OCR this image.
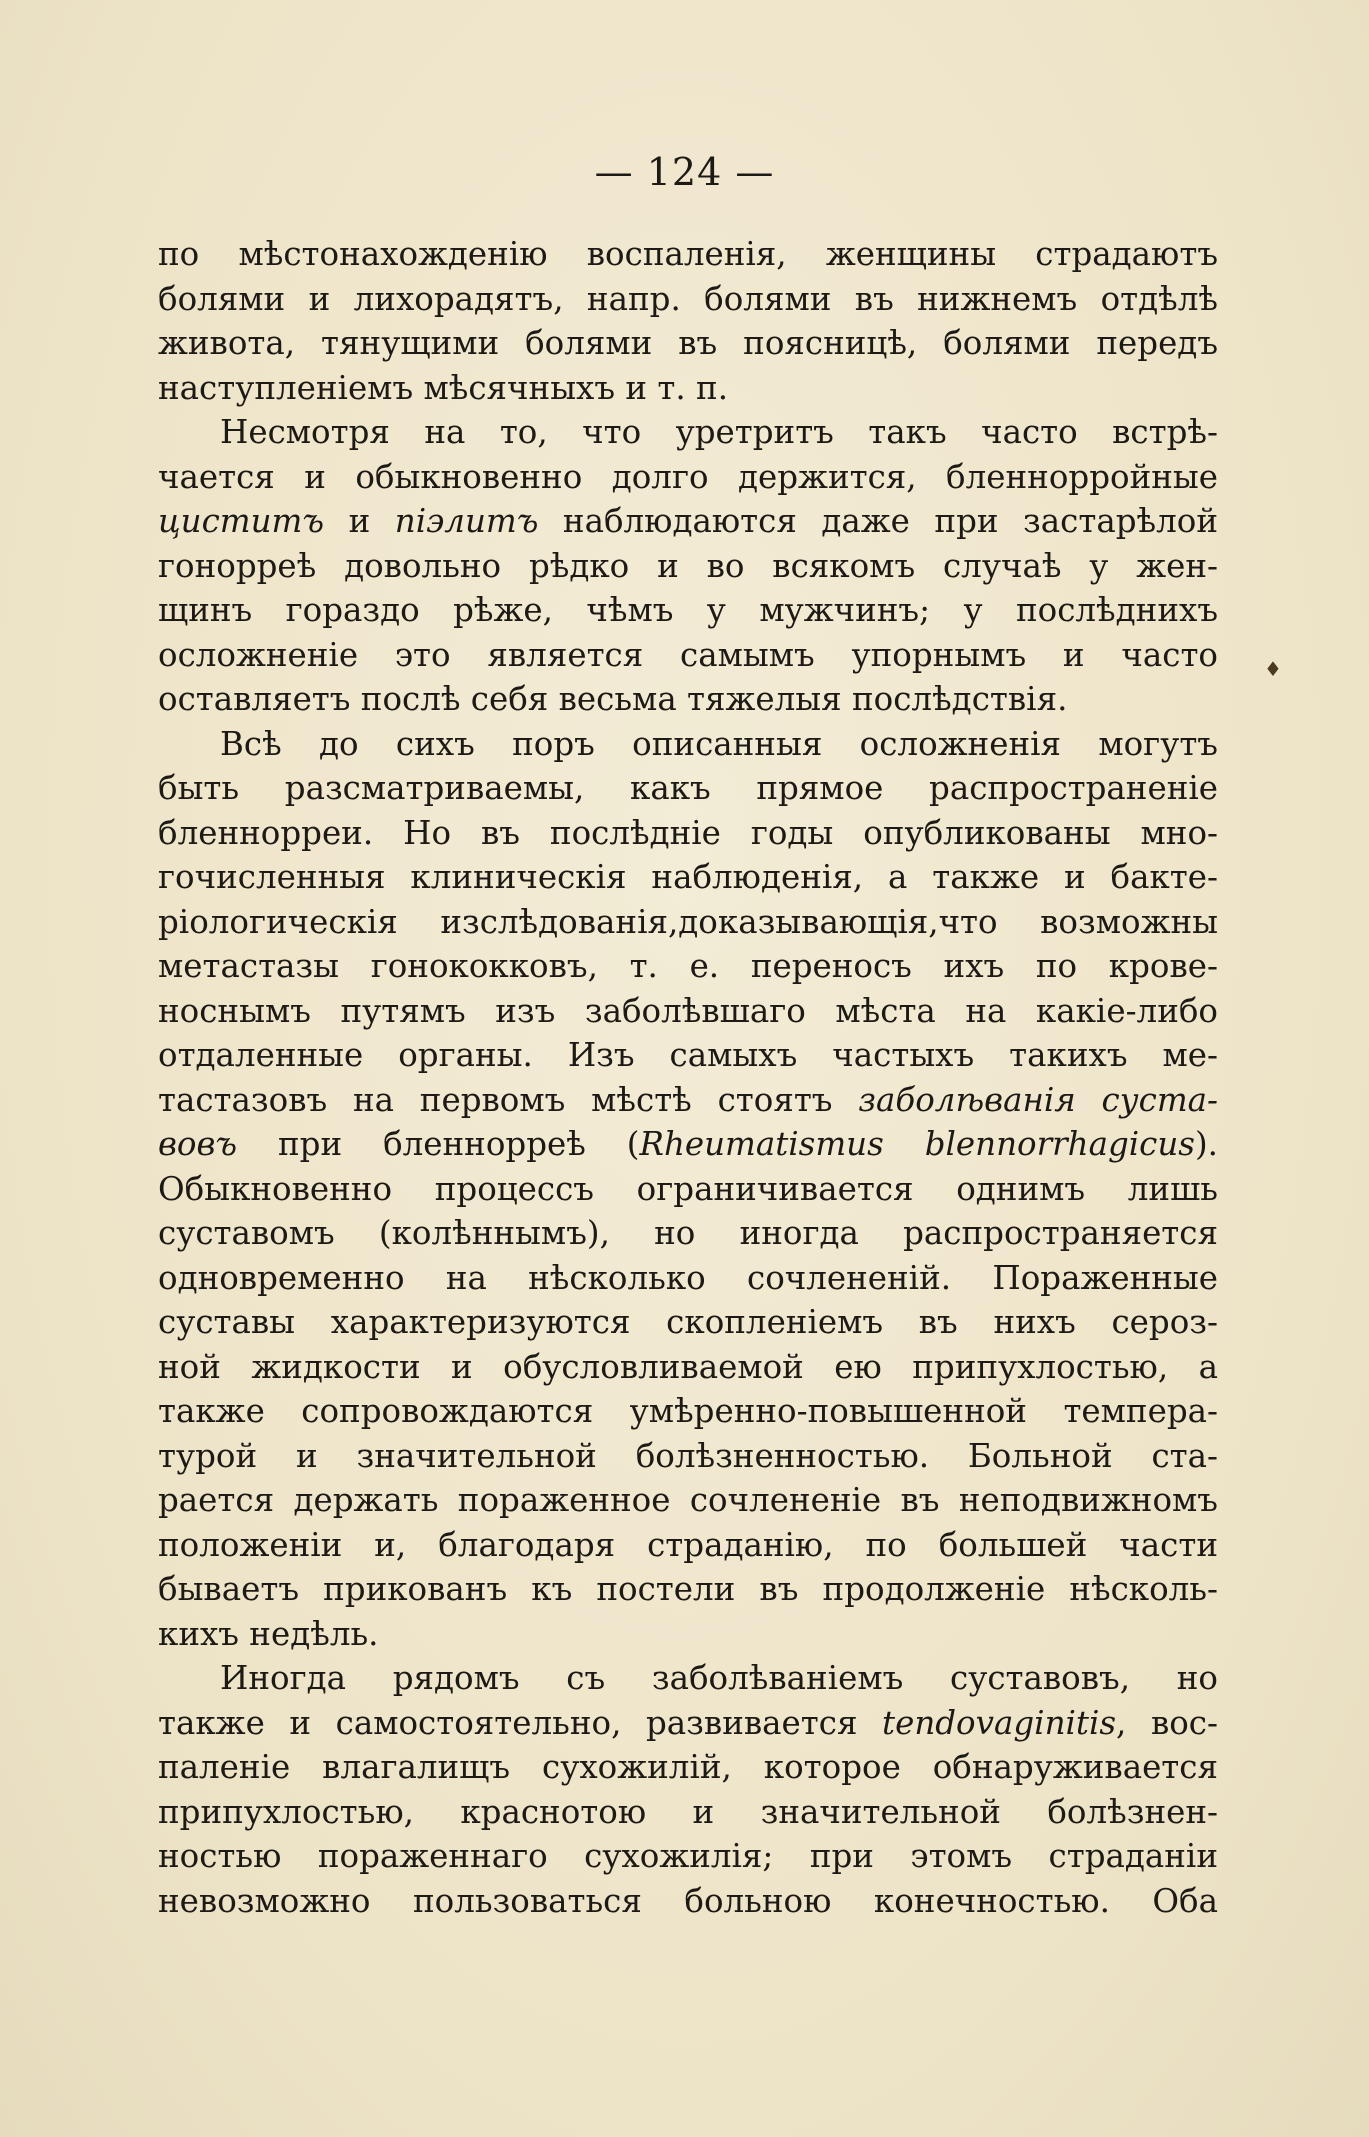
— 124 —
по мѣстонахожденію воспаленія, женщины страдаютъ
болями и лихорадятъ, напр. болями въ нижнемъ отдѣлѣ
живота, тянущими болями въ поясницѣ, болями передъ
наступленіемъ мѣсячныхъ и т. п.
Несмотря на то, что уретритъ такъ часто встрѣ-
чается и обыкновенно долго держится, бленнорройные
циститъ и піэлитъ наблюдаются даже при застарѣлой
гонорреѣ довольно рѣдко и во всякомъ случаѣ у жен-
щинъ гораздо рѣже, чѣмъ у мужчинъ; у послѣднихъ
осложненіе это является самымъ упорнымъ и часто
оставляетъ послѣ себя весьма тяжелыя послѣдствія.
Всѣ до сихъ поръ описанныя осложненія могутъ
быть разсматриваемы, какъ прямое распространеніе
бленнорреи. Но въ послѣдніе годы опубликованы мно-
гочисленныя клиническія наблюденія, а также и бакте-
ріологическія изслѣдованія,доказывающія,что возможны
метастазы гонококковъ, т. е. переносъ ихъ по крове-
носнымъ путямъ изъ заболѣвшаго мѣста на какіе-либо
отдаленные органы. Изъ самыхъ частыхъ такихъ ме-
тастазовъ на первомъ мѣстѣ стоятъ заболѣванія суста-
вовъ при бленнорреѣ (Rheumatismus blennorrhagicus).
Обыкновенно процессъ ограничивается однимъ лишь
суставомъ (колѣннымъ), но иногда распространяется
одновременно на нѣсколько сочлененій. Пораженные
суставы характеризуются скопленіемъ въ нихъ сероз-
ной жидкости и обусловливаемой ею припухлостью, а
также сопровождаются умѣренно-повышенной темпера-
турой и значительной болѣзненностью. Больной ста-
рается держать пораженное сочлененіе въ неподвижномъ
положеніи и, благодаря страданію, по большей части
бываетъ прикованъ къ постели въ продолженіе нѣсколь-
кихъ недѣль.
Иногда рядомъ съ заболѣваніемъ суставовъ, но
также и самостоятельно, развивается tendovaginitis, вос-
паленіе влагалищъ сухожилій, которое обнаруживается
припухлостью, краснотою и значительной болѣзнен-
ностью пораженнаго сухожилія; при этомъ страданіи
невозможно пользоваться больною конечностью. Оба
♦
